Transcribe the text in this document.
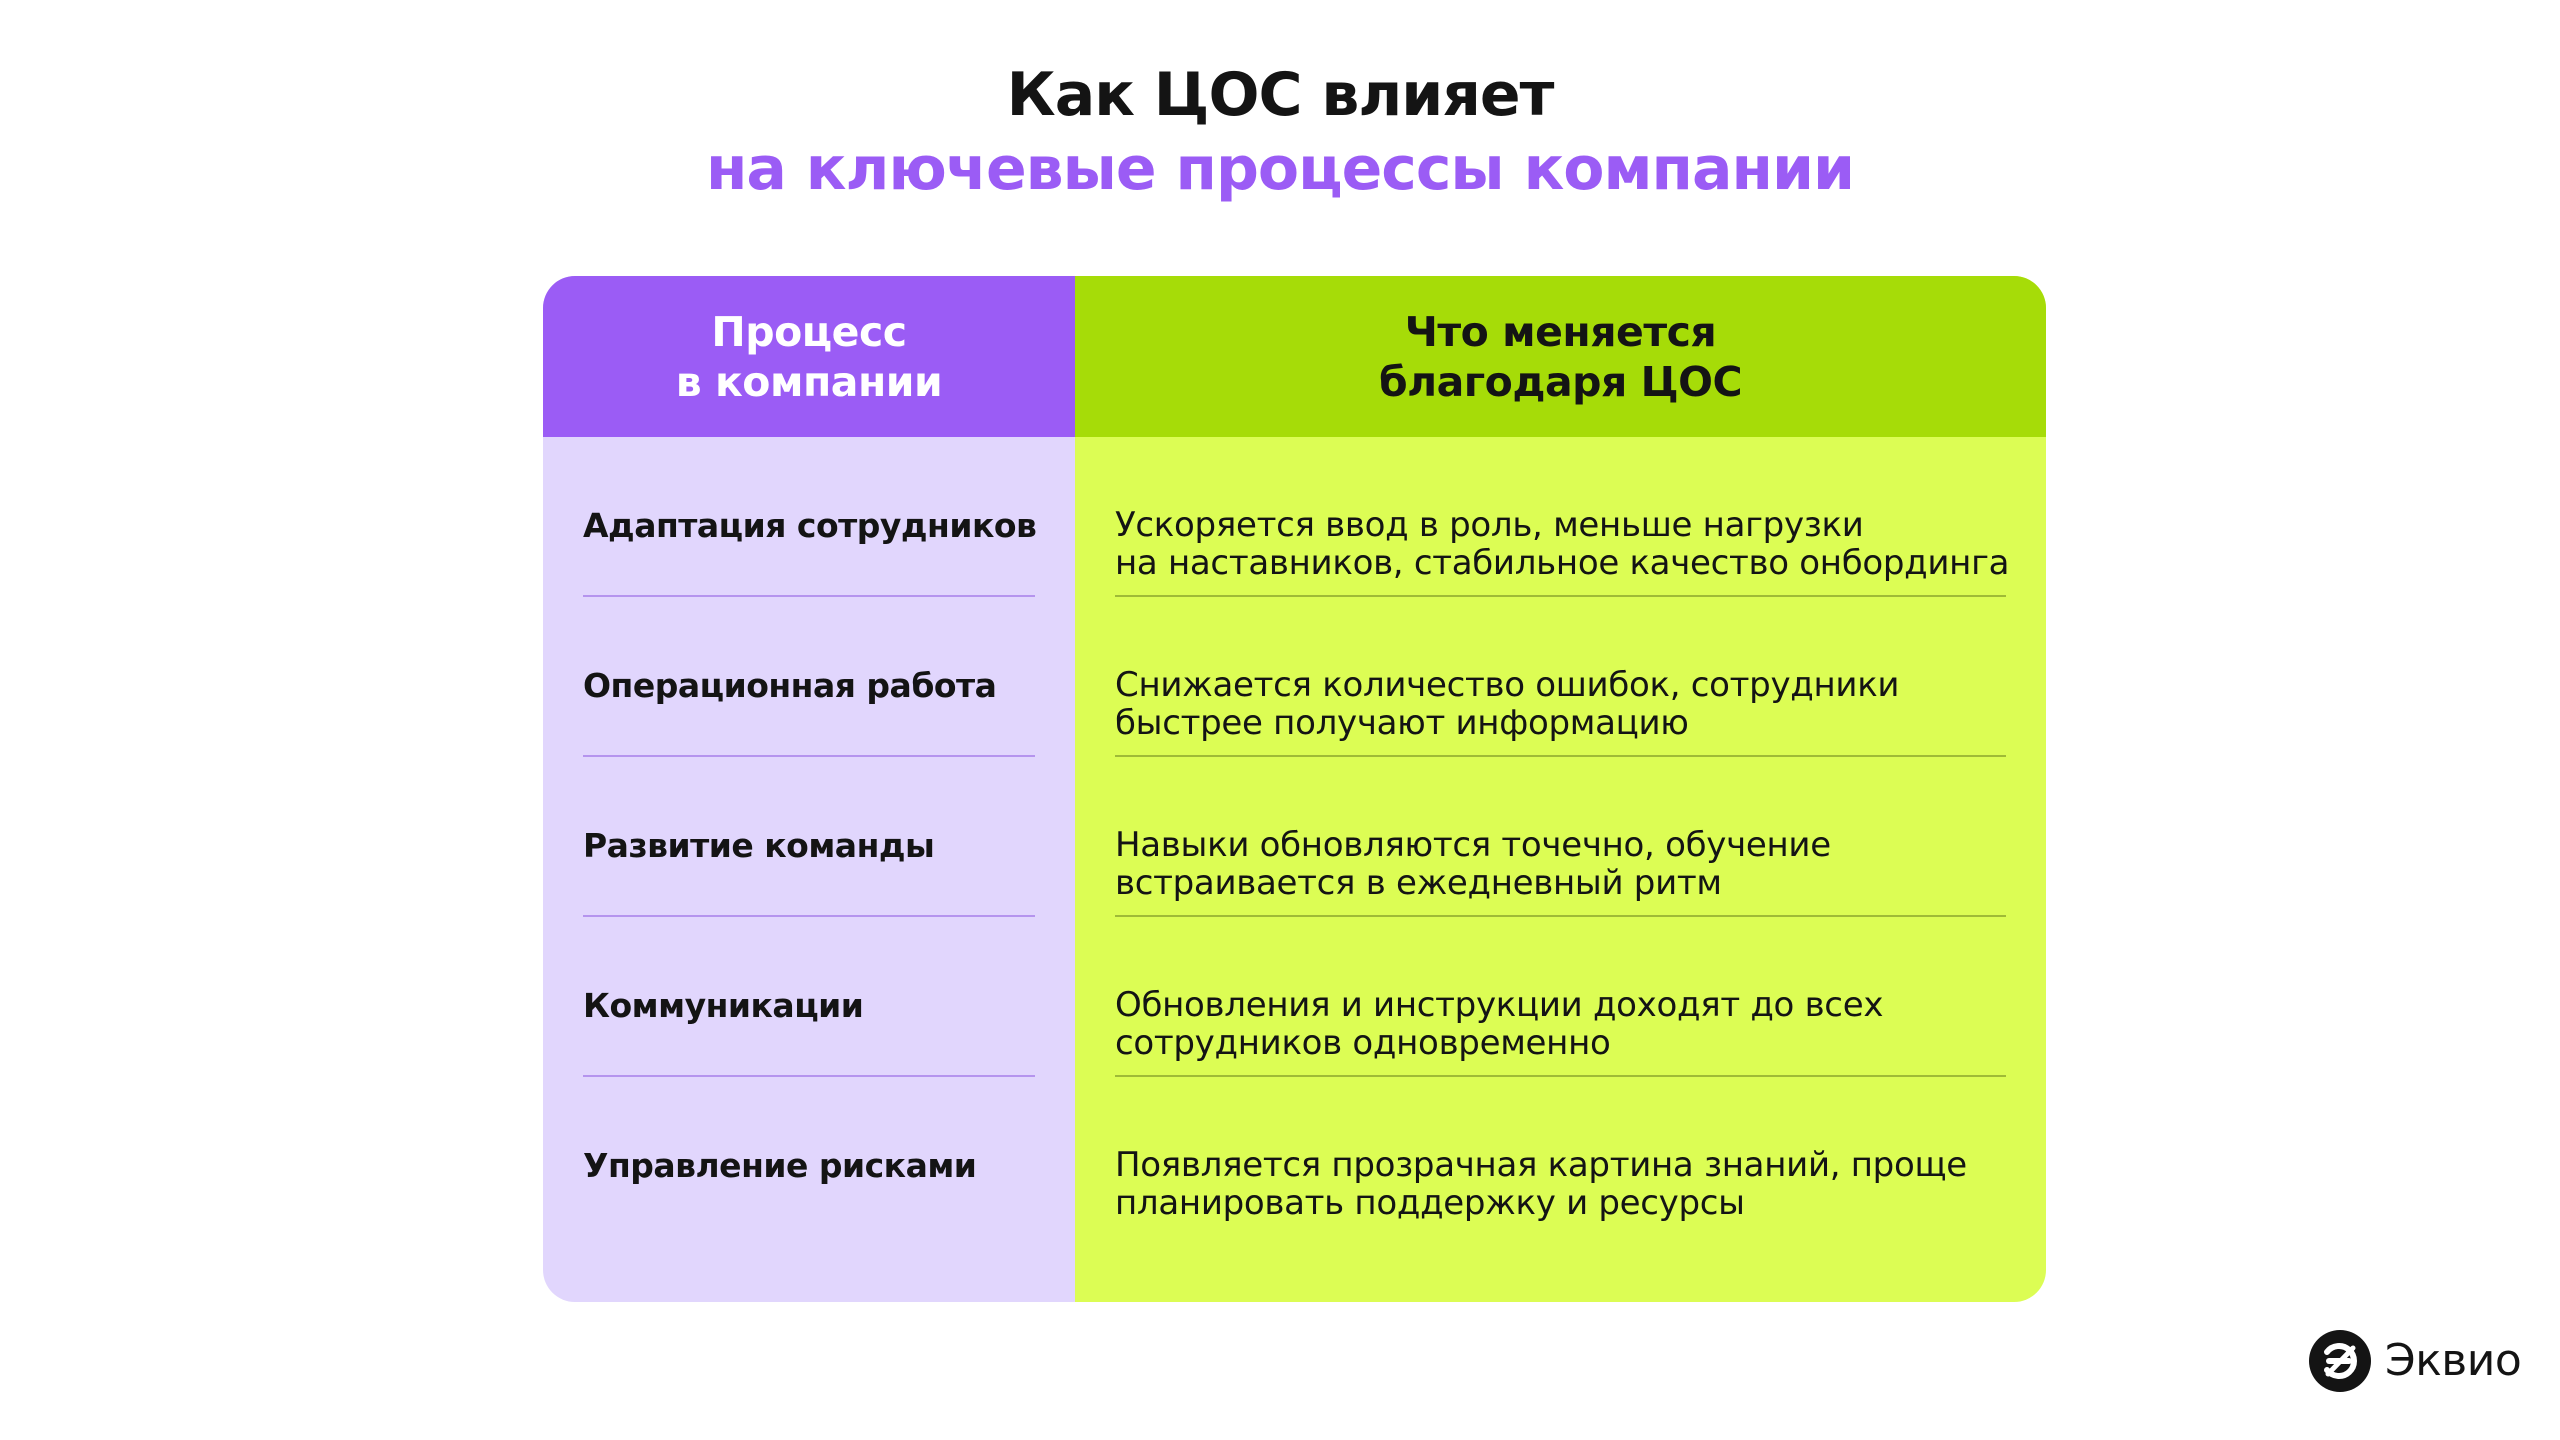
Как ЦОС влияет
на ключевые процессы компании
Процесс
в компании
Адаптация сотрудников
Операционная работа
Развитие команды
Коммуникации
Управление рисками
Что меняется
благодаря ЦОС
Ускоряется ввод в роль, меньше нагрузки
на наставников, стабильное качество онбординга
Снижается количество ошибок, сотрудники
быстрее получают информацию
Навыки обновляются точечно, обучение
встраивается в ежедневный ритм
Обновления и инструкции доходят до всех
сотрудников одновременно
Появляется прозрачная картина знаний, проще
планировать поддержку и ресурсы
Эквио
